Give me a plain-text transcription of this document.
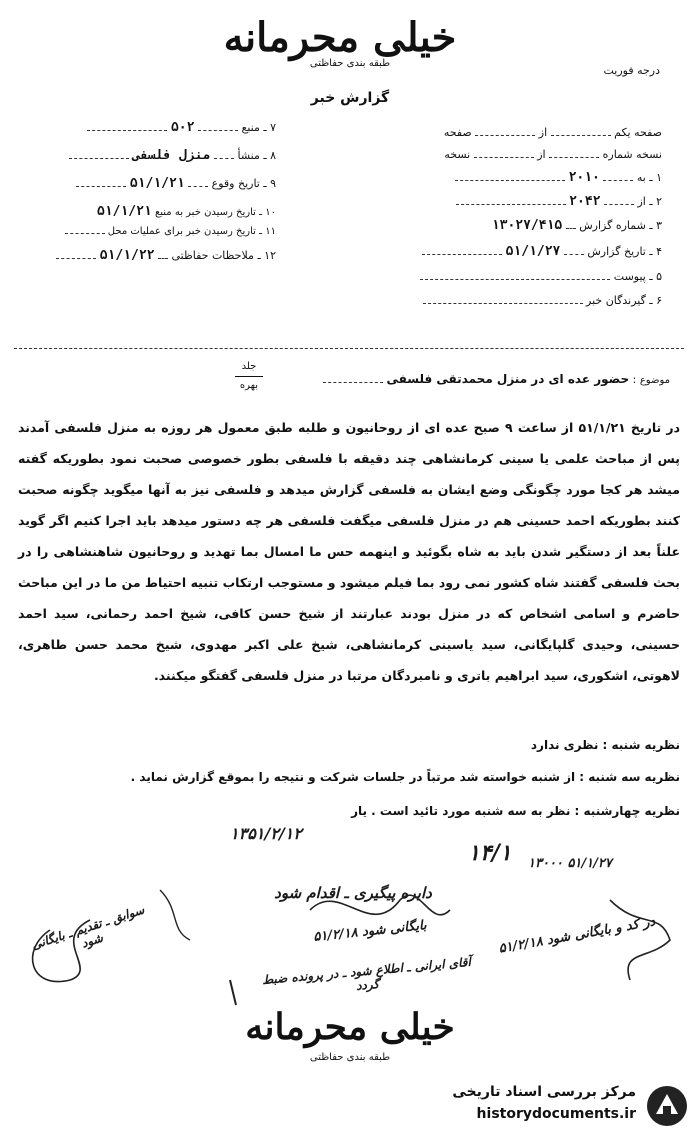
خیلی محرمانه
طبقه بندی حفاظتی
گزارش خبر
درجه فوریت
صفحه یکم  از  صفحه
نسخه شماره  از  نسخه
۱ ـ به  ۲۰۱۰
۲ ـ از  ۲۰۴۲
۳ ـ شماره گزارش  ۱۳۰۲۷/۴۱۵
۴ ـ تاریخ گزارش  ۵۱/۱/۲۷
۵ ـ پیوست
۶ ـ گیرندگان خبر
۷ ـ منبع  ۵۰۲
۸ ـ منشأ  منزل فلسفی
۹ ـ تاریخ وقوع  ۵۱/۱/۲۱
۱۰ ـ تاریخ رسیدن خبر به منبع ۵۱/۱/۲۱
۱۱ ـ تاریخ رسیدن خبر برای عملیات محل
۱۲ ـ ملاحظات حفاظتی  ۵۱/۱/۲۲
جلد
بهره	موضوع : حضور عده ای در منزل محمدتقی فلسفی
در تاریخ ۵۱/۱/۲۱ از ساعت ۹ صبح عده ای از روحانیون و طلبه طبق معمول هر روزه به منزل فلسفی آمدند پس از مباحث علمی یا سینی کرمانشاهی چند دقیقه با فلسفی بطور خصوصی صحبت نمود بطوریکه گفته میشد هر کجا مورد چگونگی وضع ایشان به فلسفی گزارش میدهد و فلسفی نیز به آنها میگوید چگونه صحبت کنند بطوریکه احمد حسینی هم در منزل فلسفی میگفت فلسفی هر چه دستور میدهد باید اجرا کنیم اگر گوید علناً بعد از دستگیر شدن باید به شاه بگوئید و اینهمه حس ما امسال بما تهدید و روحانیون شاهنشاهی را در بحث فلسفی گفتند شاه کشور نمی رود بما فیلم میشود و مستوجب ارتکاب تنبیه احتیاط من ما در این مباحث حاضرم و اسامی اشخاص که در منزل بودند عبارتند از شیخ حسن کافی، شیخ احمد رحمانی، سید احمد حسینی، وحیدی گلپایگانی، سید یاسینی کرمانشاهی، شیخ علی اکبر مهدوی، شیخ محمد حسن طاهری، لاهوتی، اشکوری، سید ابراهیم باتری و نامبردگان مرتبا در منزل فلسفی گفتگو میکنند.
نظریه شنبه : نظری ندارد
نظریه سه شنبه : از شنبه خواسته شد مرتباً در جلسات شرکت و نتیجه را بموقع گزارش نماید .
نظریه چهارشنبه : نظر به سه شنبه مورد تائید است . یار
۱۳۵۱/۲/۱۲
۱۴/۱ ۱۳۰۰۰ ۵۱/۱/۲۷
دایره پیگیری ـ اقدام شود
بایگانی شود ۵۱/۲/۱۸
آقای ایرانی ـ اطلاع شود ـ در پرونده ضبط گردد
در کد و بایگانی شود ۵۱/۲/۱۸
سوابق ـ تقدیم ـ بایگانی شود
خیلی محرمانه
طبقه بندی حفاظتی
مرکز بررسی اسناد تاریخی
historydocuments.ir
